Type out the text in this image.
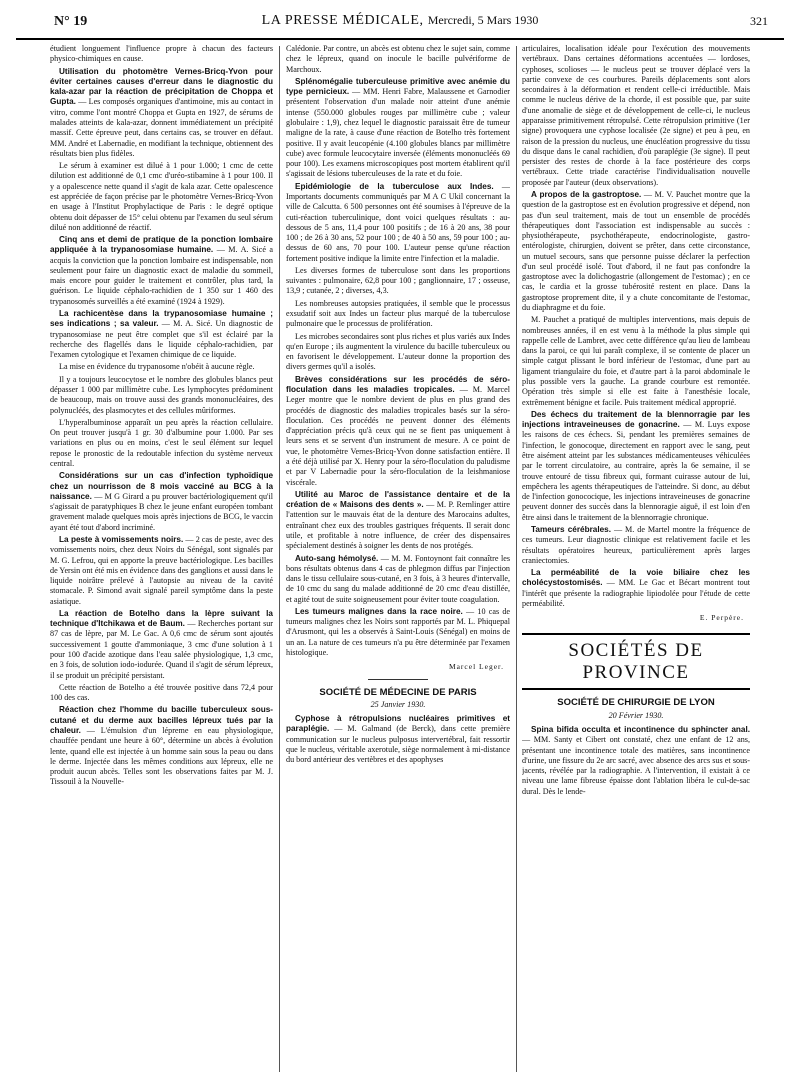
N° 19	LA PRESSE MÉDICALE, Mercredi, 5 Mars 1930	321

étudient longuement l'influence propre à chacun des facteurs physico-chimiques en cause.

Utilisation du photomètre Vernes-Bricq-Yvon pour éviter certaines causes d'erreur dans le diagnostic du kala-azar par la réaction de précipitation de Choppa et Gupta. — Les composés organiques d'antimoine, mis au contact in vitro, comme l'ont montré Choppa et Gupta en 1927, de sérums de malades atteints de kala-azar, donnent immédiatement un précipité massif. Cette épreuve peut, dans certains cas, se trouver en défaut. MM. André et Labernadie, en modifiant la technique, obtiennent des résultats bien plus fidèles.

Le sérum à examiner est dilué à 1 pour 1.000; 1 cmc de cette dilution est additionné de 0,1 cmc d'uréo-stibamine à 1 pour 100. Il y a opalescence nette quand il s'agit de kala azar. Cette opalescence est appréciée de façon précise par le photomètre Vernes-Bricq-Yvon en usage à l'Institut Prophylactique de Paris : le degré optique obtenu doit dépasser de 15° celui obtenu par l'examen du seul sérum dilué non additionné de réactif.

Cinq ans et demi de pratique de la ponction lombaire appliquée à la trypanosomiase humaine. — M. A. Sicé a acquis la conviction que la ponction lombaire est indispensable, non seulement pour faire un diagnostic exact de maladie du sommeil, mais encore pour guider le traitement et contrôler, plus tard, la guérison. Le liquide céphalo-rachidien de 1 350 sur 1 460 des trypanosomés surveillés a été examiné (1924 à 1929).

La rachicentèse dans la trypanosomiase humaine ; ses indications ; sa valeur. — M. A. Sicé. Un diagnostic de trypanosomiase ne peut être complet que s'il est éclairé par la recherche des flagellés dans le liquide céphalo-rachidien, par l'examen cytologique et l'examen chimique de ce liquide.

La mise en évidence du trypanosome n'obéit à aucune règle.

Il y a toujours leucocytose et le nombre des globules blancs peut dépasser 1 000 par millimètre cube. Les lymphocytes prédominent de beaucoup, mais on trouve aussi des grands mononucléaires, des polynucléés, des plasmocytes et des cellules mûriformes.

L'hyperalbuminose apparaît un peu après la réaction cellulaire. On peut trouver jusqu'à 1 gr. 30 d'albumine pour 1.000. Par ses variations en plus ou en moins, c'est le seul élément sur lequel repose le pronostic de la redoutable infection du système nerveux central.

Considérations sur un cas d'infection typhoïdique chez un nourrisson de 8 mois vacciné au BCG à la naissance. — M G Girard a pu prouver bactériologiquement qu'il s'agissait de paratyphiques B chez le jeune enfant européen tombant gravement malade quelques mois après injections de BCG, le vaccin ayant été tout d'abord incriminé.

La peste à vomissements noirs. — 2 cas de peste, avec des vomissements noirs, chez deux Noirs du Sénégal, sont signalés par M. G. Lefrou, qui en apporte la preuve bactériologique. Les bacilles de Yersin ont été mis en évidence dans des ganglions et aussi dans le liquide noirâtre prélevé à l'autopsie au niveau de la cavité stomacale. P. Simond avait signalé pareil symptôme dans la peste asiatique.

La réaction de Botelho dans la lèpre suivant la technique d'Itchikawa et de Baum. — Recherches portant sur 87 cas de lèpre, par M. Le Gac. A 0,6 cmc de sérum sont ajoutés successivement 1 goutte d'ammoniaque, 3 cmc d'une solution à 1 pour 100 d'acide azotique dans l'eau salée physiologique, 1,3 cmc, en 3 fois, de solution iodo-iodurée. Quand il s'agit de sérum lépreux, il se produit un précipité persistant.

Cette réaction de Botelho a été trouvée positive dans 72,4 pour 100 des cas.

Réaction chez l'homme du bacille tuberculeux sous-cutané et du derme aux bacilles lépreux tués par la chaleur. — L'émulsion d'un lépreme en eau physiologique, chauffée pendant une heure à 60°, détermine un abcès à évolution lente, quand elle est injectée à un homme sain sous la peau ou dans le derme. Injectée dans les mêmes conditions aux lépreux, elle ne produit aucun abcès. Telles sont les observations faites par M. J. Tissouil à la Nouvelle-

Calédonie. Par contre, un abcès est obtenu chez le sujet sain, comme chez le lépreux, quand on inocule le bacille pulvériforme de Marchoux.

Splénomégalie tuberculeuse primitive avec anémie du type pernicieux. — MM. Henri Fabre, Malaussene et Garnodier présentent l'observation d'un malade noir atteint d'une anémie intense (550.000 globules rouges par millimètre cube ; valeur globulaire : 1,9), chez lequel le diagnostic paraissait être de tumeur maligne de la rate, à cause d'une réaction de Botelho très fortement positive. Il y avait leucopénie (4.100 globules blancs par millimètre cube) avec formule leucocytaire inversée (éléments mononucléés 69 pour 100). Les examens microscopiques post mortem établirent qu'il s'agissait de lésions tuberculeuses de la rate et du foie.

Epidémiologie de la tuberculose aux Indes. — Importants documents communiqués par M A C Ukil concernant la ville de Calcutta. 6 500 personnes ont été soumises à l'épreuve de la cuti-réaction tuberculinique, dont voici quelques résultats : au-dessous de 5 ans, 11,4 pour 100 positifs ; de 16 à 20 ans, 38 pour 100 ; de 26 à 30 ans, 52 pour 100 ; de 40 à 50 ans, 59 pour 100 ; au-dessus de 60 ans, 70 pour 100. L'auteur pense qu'une réaction fortement positive indique la limite entre l'infection et la maladie.

Les diverses formes de tuberculose sont dans les proportions suivantes : pulmonaire, 62,8 pour 100 ; ganglionnaire, 17 ; osseuse, 13,9 ; cutanée, 2 ; diverses, 4,3.

Les nombreuses autopsies pratiquées, il semble que le processus exsudatif soit aux Indes un facteur plus marqué de la tuberculose pulmonaire que le processus de prolifération.

Les microbes secondaires sont plus riches et plus variés aux Indes qu'en Europe ; ils augmentent la virulence du bacille tuberculeux ou en favorisent le développement. L'auteur donne la proportion des divers germes qu'il a isolés.

Brèves considérations sur les procédés de séro-floculation dans les maladies tropicales. — M. Marcel Leger montre que le nombre devient de plus en plus grand des procédés de diagnostic des maladies tropicales basés sur la séro-floculation. Ces procédés ne peuvent donner des éléments d'appréciation précis qu'à ceux qui ne se fient pas uniquement à leurs sens et se servent d'un instrument de mesure. A ce point de vue, le photomètre Vernes-Bricq-Yvon donne satisfaction entière. Il a été déjà utilisé par X. Henry pour la séro-floculation du paludisme et par V Labernadie pour la séro-floculation de la leishmaniose viscérale.

Utilité au Maroc de l'assistance dentaire et de la création de « Maisons des dents ». — M. P. Remlinger attire l'attention sur le mauvais état de la denture des Marocains adultes, entraînant chez eux des troubles gastriques fréquents. Il serait donc utile, et profitable à notre influence, de créer des dispensaires spécialement destinés à soigner les dents de nos protégés.

Auto-sang hémolysé. — M. M. Fontoynont fait connaître les bons résultats obtenus dans 4 cas de phlegmon diffus par l'injection dans le tissu cellulaire sous-cutané, en 3 fois, à 3 heures d'intervalle, de 10 cmc du sang du malade additionné de 20 cmc d'eau distillée, et agité tout de suite soigneusement pour éviter toute coagulation.

Les tumeurs malignes dans la race noire. — 10 cas de tumeurs malignes chez les Noirs sont rapportés par M. L. Phiquepal d'Arusmont, qui les a observés à Saint-Louis (Sénégal) en moins de un an. La nature de ces tumeurs n'a pu être déterminée par l'examen histologique.

Marcel Leger.

SOCIÉTÉ DE MÉDECINE DE PARIS

25 Janvier 1930.

Cyphose à rétropulsions nucléaires primitives et paraplégie. — M. Galmand (de Berck), dans cette première communication sur le nucleus pulposus intervertébral, fait ressortir que le nucleus, véritable axerotule, siège normalement à mi-distance du bord antérieur des vertèbres et des apophyses

articulaires, localisation idéale pour l'exécution des mouvements vertébraux. Dans certaines déformations accentuées — lordoses, cyphoses, scolioses — le nucleus peut se trouver déplacé vers la partie convexe de ces courbures. Pareils déplacements sont alors secondaires à la déformation et rendent celle-ci irréductible. Mais comme le nucleus dérive de la chorde, il est possible que, par suite d'une anomalie de siège et de développement de celle-ci, le nucleus apparaisse primitivement rétropulsé. Cette rétropulsion primitive (1er signe) provoquera une cyphose localisée (2e signe) et peu à peu, en raison de la pression du nucleus, une énucléation progressive du tissu du disque dans le canal rachidien, d'où paraplégie (3e signe). Il peut persister des restes de chorde à la face postérieure des corps vertébraux. Cette triade caractérise l'individualisation nouvelle proposée par l'auteur (deux observations).

A propos de la gastroptose. — M. V. Pauchet montre que la question de la gastroptose est en évolution progressive et dépend, non pas d'un seul traitement, mais de tout un ensemble de procédés thérapeutiques dont l'association est indispensable au succès : physiothérapeute, psychothérapeute, endocrinologiste, gastro-entérologiste, chirurgien, doivent se prêter, dans cette circonstance, un mutuel secours, sans que personne puisse déclarer la perfection d'un seul procédé isolé. Tout d'abord, il ne faut pas confondre la gastroptose avec la dolichogastrie (allongement de l'estomac) ; en ce cas, le cardia et la grosse tubérosité restent en place. Dans la gastroptose proprement dite, il y a chute concomitante de l'estomac, du diaphragme et du foie.

M. Pauchet a pratiqué de multiples interventions, mais depuis de nombreuses années, il en est venu à la méthode la plus simple qui rappelle celle de Lambret, avec cette différence qu'au lieu de lambeau dans la paroi, ce qui lui paraît complexe, il se contente de placer un simple catgut plissant le bord inférieur de l'estomac, d'une part au ligament triangulaire du foie, et d'autre part à la paroi abdominale le plus possible vers la gauche. La grande courbure est remontée. Opération très simple si elle est faite à l'anesthésie locale, extrêmement bénigne et facile. Puis traitement médical approprié.

Des échecs du traitement de la blennorragie par les injections intraveineuses de gonacrine. — M. Luys expose les raisons de ces échecs. Si, pendant les premières semaines de l'infection, le gonocoque, directement en rapport avec le sang, peut être aisément atteint par les substances médicamenteuses véhiculées par le torrent circulatoire, au contraire, après la 6e semaine, il se trouve entouré de tissu fibreux qui, formant cuirasse autour de lui, empêchera les agents thérapeutiques de l'atteindre. Si donc, au début de l'infection gonococique, les injections intraveineuses de gonacrine peuvent donner des succès dans la blennoragie aiguë, il est loin d'en être ainsi dans le traitement de la blennorragie chronique.

Tameurs cérébrales. — M. de Martel montre la fréquence de ces tumeurs. Leur diagnostic clinique est relativement facile et les résultats opératoires heureux, particulièrement après larges craniectomies.

La perméabilité de la voie biliaire chez les cholécystostomisés. — MM. Le Gac et Bécart montrent tout l'intérêt que présente la radiographie lipiodolée pour l'étude de cette perméabilité.

E. Perpère.

SOCIÉTÉS DE PROVINCE

SOCIÉTÉ DE CHIRURGIE DE LYON

20 Février 1930.

Spina bifida occulta et incontinence du sphincter anal. — MM. Santy et Cibert ont constaté, chez une enfant de 12 ans, présentant une incontinence totale des matières, sans incontinence d'urine, une fissure du 2e arc sacré, avec absence des arcs sus et sous-jacents, révélée par la radiographie. A l'intervention, il existait à ce niveau une lame fibreuse épaisse dont l'ablation libéra le cul-de-sac dural. Dès le lende-
